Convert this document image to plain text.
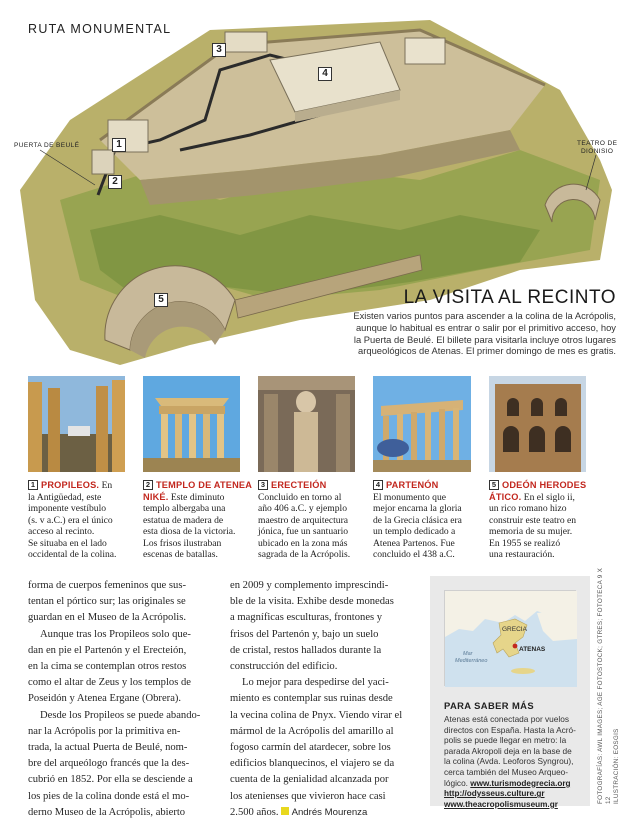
RUTA MONUMENTAL
PUERTA DE BEULÉ	TEATRO DE
DIONISIO
1
2
3
4
5	LA VISITA AL RECINTO
Existen varios puntos para ascender a la colina de la Acrópolis,
aunque lo habitual es entrar o salir por el primitivo acceso, hoy
la Puerta de Beulé. El billete para visitarla incluye otros lugares
arqueológicos de Atenas. El primer domingo de mes es gratis.
1 PROPILEOS. En
la Antigüedad, este
imponente vestíbulo
(s. v a.C.) era el único
acceso al recinto.
Se situaba en el lado
occidental de la colina.
2 TEMPLO DE ATENEA
NIKÉ. Este diminuto
templo albergaba una
estatua de madera de
esta diosa de la victoria.
Los frisos ilustraban
escenas de batallas.
3 ERECTEIÓN
Concluido en torno al
año 406 a.C. y ejemplo
maestro de arquitectura
jónica, fue un santuario
ubicado en la zona más
sagrada de la Acrópolis.
4 PARTENÓN
El monumento que
mejor encarna la gloria
de la Grecia clásica era
un templo dedicado a
Atenea Partenos. Fue
concluido el 438 a.C.
5 ODEÓN HERODES
ÁTICO. En el siglo ii,
un rico romano hizo
construir este teatro en
memoria de su mujer.
En 1955 se realizó
una restauración.
forma de cuerpos femeninos que sus-
tentan el pórtico sur; las originales se
guardan en el Museo de la Acrópolis.
Aunque tras los Propileos solo que-
dan en pie el Partenón y el Erecteión,
en la cima se contemplan otros restos
como el altar de Zeus y los templos de
Poseidón y Atenea Ergane (Obrera).
Desde los Propileos se puede abando-
nar la Acrópolis por la primitiva en-
trada, la actual Puerta de Beulé, nom-
bre del arqueólogo francés que la des-
cubrió en 1852. Por ella se desciende a
los pies de la colina donde está el mo-
derno Museo de la Acrópolis, abierto
en 2009 y complemento imprescindi-
ble de la visita. Exhibe desde monedas
a magníficas esculturas, frontones y
frisos del Partenón y, bajo un suelo
de cristal, restos hallados durante la
construcción del edificio.
Lo mejor para despedirse del yaci-
miento es contemplar sus ruinas desde
la vecina colina de Pnyx. Viendo virar el
mármol de la Acrópolis del amarillo al
fogoso carmín del atardecer, sobre los
edificios blanquecinos, el viajero se da
cuenta de la genialidad alcanzada por
los atenienses que vivieron hace casi
2.500 años. Andrés Mourenza
GRECIA
ATENAS
Mar
Mediterráneo
PARA SABER MÁS
Atenas está conectada por vuelos
directos con España. Hasta la Acró-
polis se puede llegar en metro: la
parada Akropoli deja en la base de
la colina (Avda. Leoforos Syngrou),
cerca también del Museo Arqueo-
lógico. www.turismodegrecia.org
http://odysseus.culture.gr
www.theacropolismuseum.gr
FOTOGRAFÍAS: AWL IMAGES; AGE FOTOSTOCK; GTRES; FOTOTECA 9 X 12 ILUSTRACIÓN: EOSGIS
